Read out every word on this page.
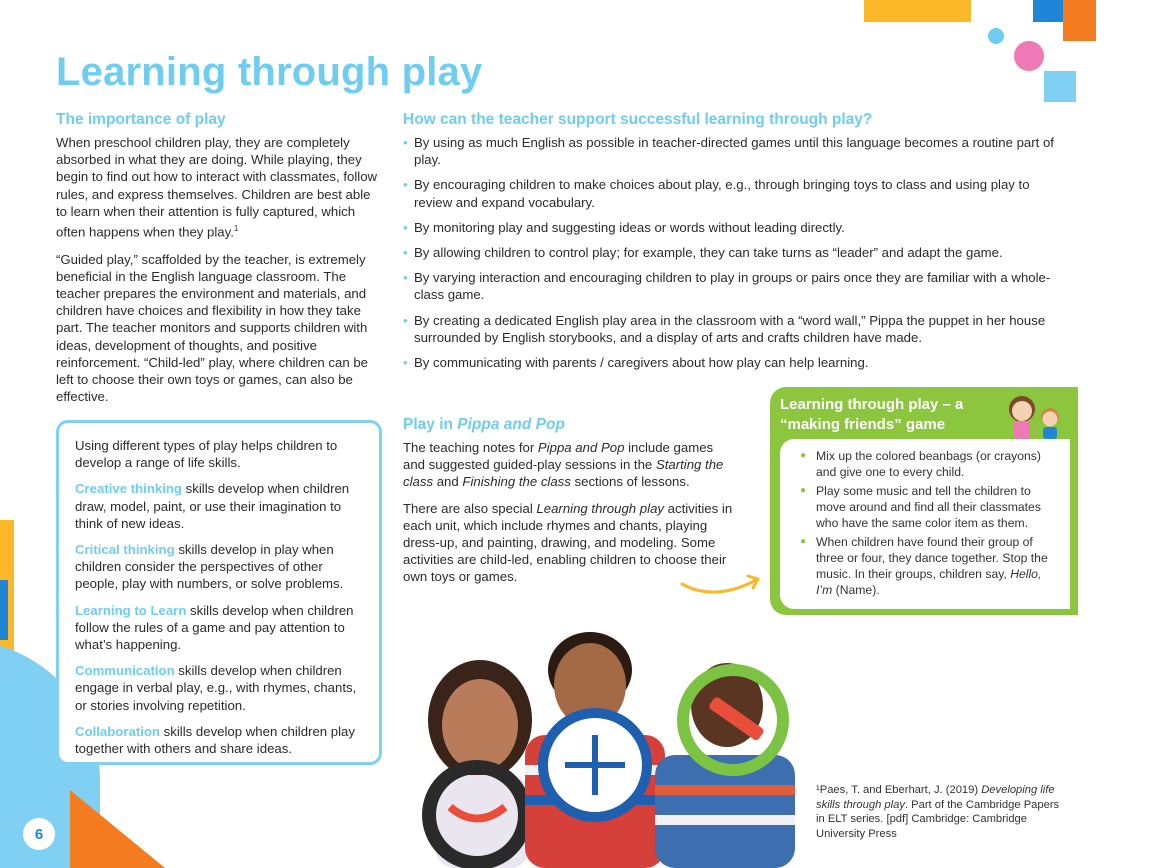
6
Learning through play
The importance of play

When preschool children play, they are completely absorbed in what they are doing. While playing, they begin to find out how to interact with classmates, follow rules, and express themselves. Children are best able to learn when their attention is fully captured, which often happens when they play.$^1$

“Guided play,” scaffolded by the teacher, is extremely beneficial in the English language classroom. The teacher prepares the environment and materials, and children have choices and flexibility in how they take part. The teacher monitors and supports children with ideas, development of thoughts, and positive reinforcement. “Child-led” play, where children can be left to choose their own toys or games, can also be effective.

Using different types of play helps children to develop a range of life skills.

Creative thinking skills develop when children draw, model, paint, or use their imagination to think of new ideas.

Critical thinking skills develop in play when children consider the perspectives of other people, play with numbers, or solve problems.

Learning to Learn skills develop when children follow the rules of a game and pay attention to what’s happening.

Communication skills develop when children engage in verbal play, e.g., with rhymes, chants, or stories involving repetition.

Collaboration skills develop when children play together with others and share ideas.

How can the teacher support successful learning through play?
• By using as much English as possible in teacher-directed games until this language becomes a routine part of play.
• By encouraging children to make choices about play, e.g., through bringing toys to class and using play to review and expand vocabulary.
• By monitoring play and suggesting ideas or words without leading directly.
• By allowing children to control play; for example, they can take turns as “leader” and adapt the game.
• By varying interaction and encouraging children to play in groups or pairs once they are familiar with a whole-class game.
• By creating a dedicated English play area in the classroom with a “word wall,” Pippa the puppet in her house surrounded by English storybooks, and a display of arts and crafts children have made.
• By communicating with parents / caregivers about how play can help learning.
Play in Pippa and Pop

The teaching notes for Pippa and Pop include games and suggested guided-play sessions in the Starting the class and Finishing the class sections of lessons.

There are also special Learning through play activities in each unit, which include rhymes and chants, playing dress-up, and painting, drawing, and modeling. Some activities are child-led, enabling children to choose their own toys or games.

Learning through play – a “making friends” game
● Mix up the colored beanbags (or crayons) and give one to every child.
● Play some music and tell the children to move around and find all their classmates who have the same color item as them.
● When children have found their group of three or four, they dance together. Stop the music. In their groups, children say, Hello, I’m (Name).
¹Paes, T. and Eberhart, J. (2019) Developing life skills through play. Part of the Cambridge Papers in ELT series. [pdf] Cambridge: Cambridge University Press
